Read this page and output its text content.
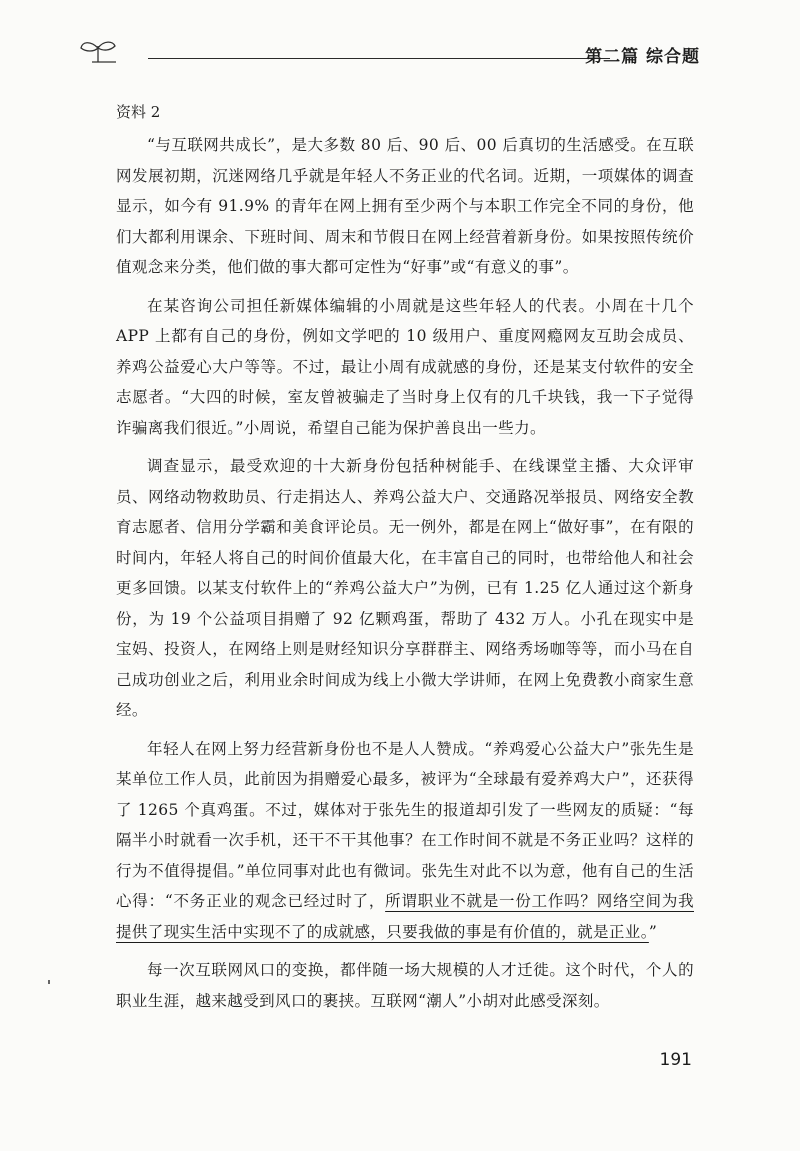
第二篇 综合题
资料 2

“与互联网共成长”，是大多数 80 后、90 后、00 后真切的生活感受。在互联网发展初期，沉迷网络几乎就是年轻人不务正业的代名词。近期，一项媒体的调查显示，如今有 91.9% 的青年在网上拥有至少两个与本职工作完全不同的身份，他们大都利用课余、下班时间、周末和节假日在网上经营着新身份。如果按照传统价值观念来分类，他们做的事大都可定性为“好事”或“有意义的事”。

在某咨询公司担任新媒体编辑的小周就是这些年轻人的代表。小周在十几个 APP 上都有自己的身份，例如文学吧的 10 级用户、重度网瘾网友互助会成员、养鸡公益爱心大户等等。不过，最让小周有成就感的身份，还是某支付软件的安全志愿者。“大四的时候，室友曾被骗走了当时身上仅有的几千块钱，我一下子觉得诈骗离我们很近。”小周说，希望自己能为保护善良出一些力。

调查显示，最受欢迎的十大新身份包括种树能手、在线课堂主播、大众评审员、网络动物救助员、行走捐达人、养鸡公益大户、交通路况举报员、网络安全教育志愿者、信用分学霸和美食评论员。无一例外，都是在网上“做好事”，在有限的时间内，年轻人将自己的时间价值最大化，在丰富自己的同时，也带给他人和社会更多回馈。以某支付软件上的“养鸡公益大户”为例，已有 1.25 亿人通过这个新身份，为 19 个公益项目捐赠了 92 亿颗鸡蛋，帮助了 432 万人。小孔在现实中是宝妈、投资人，在网络上则是财经知识分享群群主、网络秀场咖等等，而小马在自己成功创业之后，利用业余时间成为线上小微大学讲师，在网上免费教小商家生意经。

年轻人在网上努力经营新身份也不是人人赞成。“养鸡爱心公益大户”张先生是某单位工作人员，此前因为捐赠爱心最多，被评为“全球最有爱养鸡大户”，还获得了 1265 个真鸡蛋。不过，媒体对于张先生的报道却引发了一些网友的质疑：“每隔半小时就看一次手机，还干不干其他事？在工作时间不就是不务正业吗？这样的行为不值得提倡。”单位同事对此也有微词。张先生对此不以为意，他有自己的生活心得：“不务正业的观念已经过时了，所谓职业不就是一份工作吗？网络空间为我提供了现实生活中实现不了的成就感，只要我做的事是有价值的，就是正业。”

每一次互联网风口的变换，都伴随一场大规模的人才迁徙。这个时代，个人的职业生涯，越来越受到风口的裹挟。互联网“潮人”小胡对此感受深刻。

191
